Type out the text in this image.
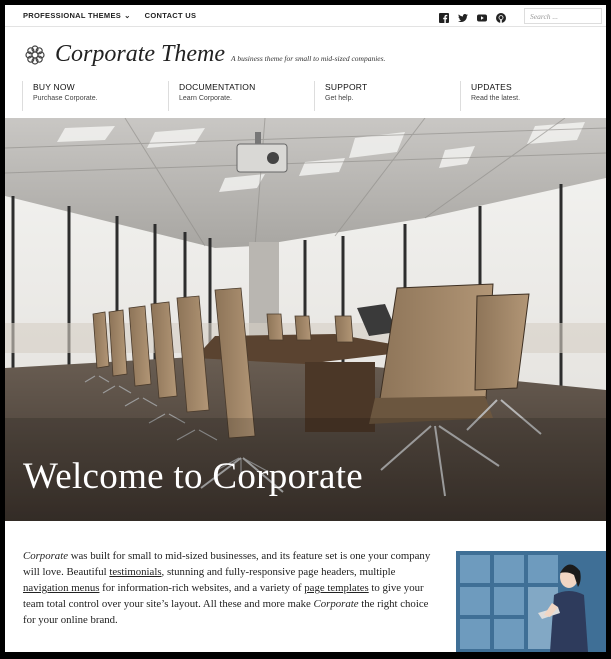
PROFESSIONAL THEMES ⌄ CONTACT US	Search ...
Corporate Theme A business theme for small to mid-sized companies.
BUY NOW
Purchase Corporate.
DOCUMENTATION
Learn Corporate.
SUPPORT
Get help.
UPDATES
Read the latest.
Welcome to Corporate

Corporate was built for small to mid-sized businesses, and its feature set is one your company will love. Beautiful testimonials, stunning and fully-responsive page headers, multiple navigation menus for information-rich websites, and a variety of page templates to give your team total control over your site’s layout. All these and more make Corporate the right choice for your online brand.
